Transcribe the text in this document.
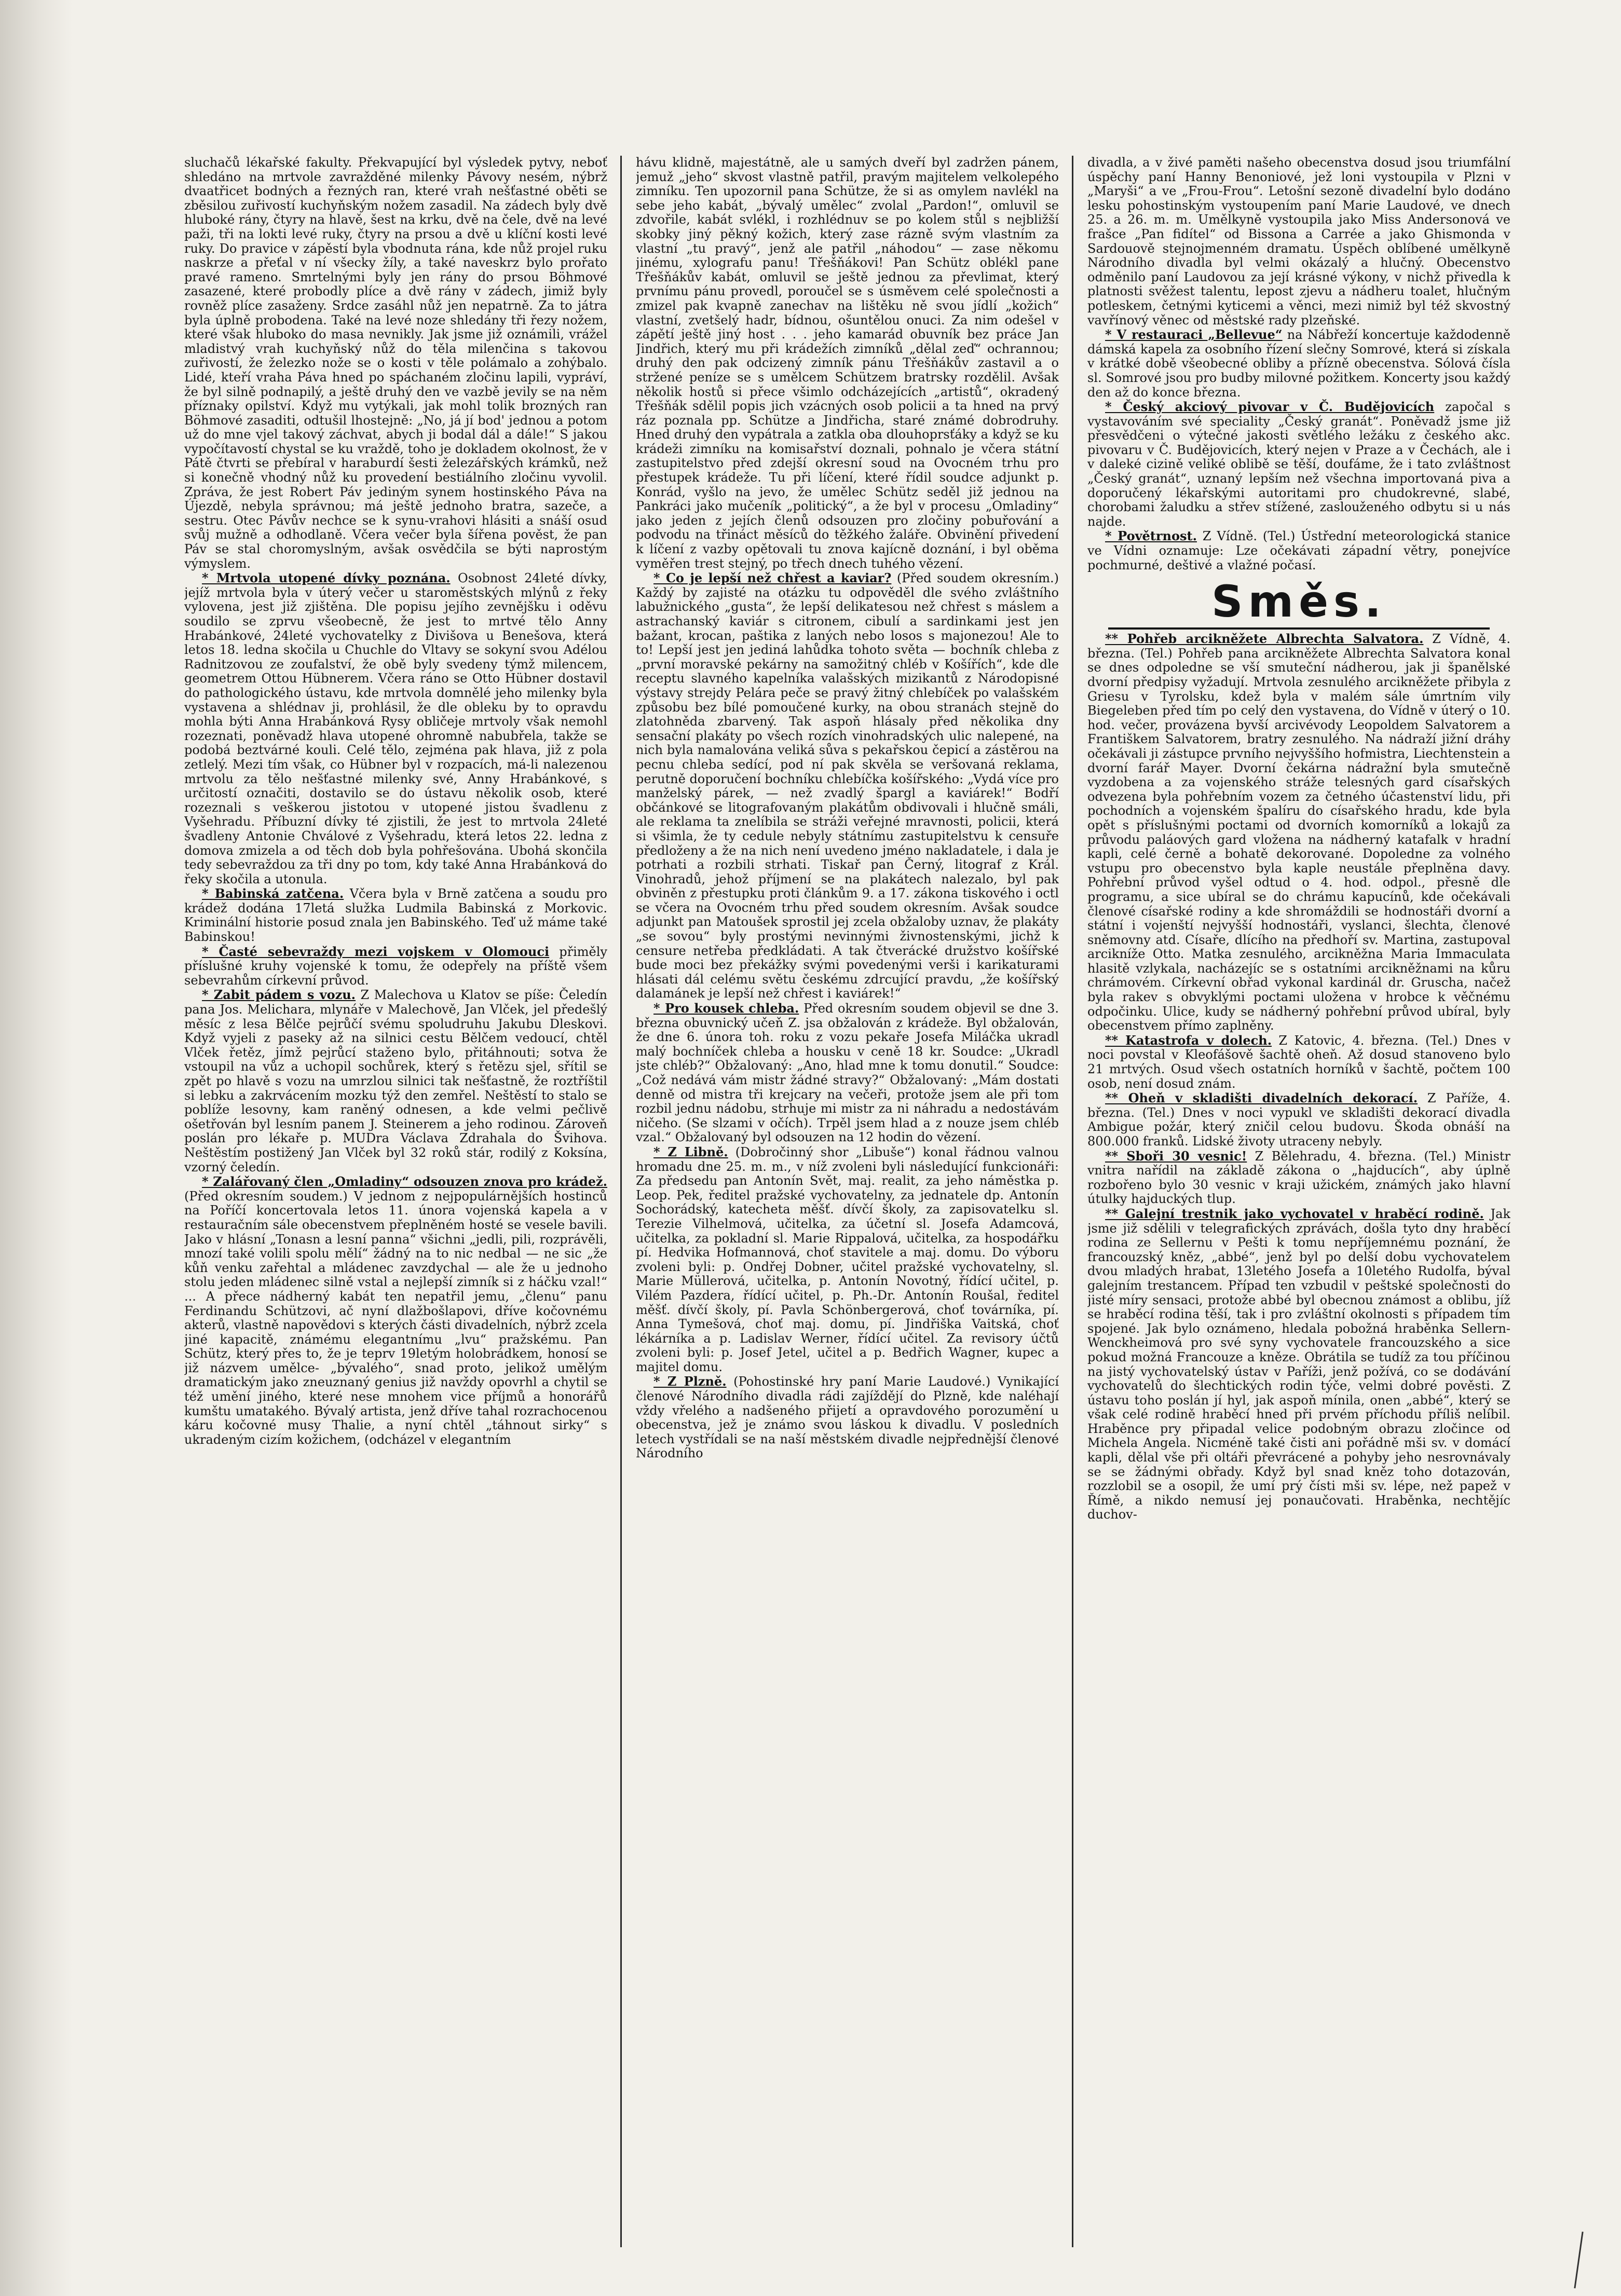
sluchačů lékařské fakulty. Překvapující byl výsledek pytvy, neboť shledáno na mrtvole zavražděné milenky Pávovy nesém, nýbrž dvaatřicet bodných a řezných ran, které vrah nešťastné oběti se zběsilou zuřivostí kuchyňským nožem zasadil. Na zádech byly dvě hluboké rány, čtyry na hlavě, šest na krku, dvě na čele, dvě na levé paži, tři na lokti levé ruky, čtyry na prsou a dvě u klíční kosti levé ruky. Do pravice v zápěstí byla vbodnuta rána, kde nůž projel ruku naskrze a přeťal v ní všecky žíly, a také naveskrz bylo prořato pravé rameno. Smrtelnými byly jen rány do prsou Böhmové zasazené, které probodly plíce a dvě rány v zádech, jimiž byly rovněž plíce zasaženy. Srdce zasáhl nůž jen nepatrně. Za to játra byla úplně probodena. Také na levé noze shledány tři řezy nožem, které však hluboko do masa nevnikly. Jak jsme již oznámili, vrážel mladistvý vrah kuchyňský nůž do těla milenčina s takovou zuřivostí, že železko nože se o kosti v těle polámalo a zohýbalo. Lidé, kteří vraha Páva hned po spáchaném zločinu lapili, vypráví, že byl silně podnapilý, a ještě druhý den ve vazbě jevily se na něm příznaky opilství. Když mu vytýkali, jak mohl tolik brozných ran Böhmové zasaditi, odtušil lhostejně: „No, já jí bod' jednou a potom už do mne vjel takový záchvat, abych ji bodal dál a dále!“ S jakou vypočítavostí chystal se ku vraždě, toho je dokladem okolnost, že v Pátě čtvrti se přebíral v haraburdí šesti železářských krámků, než si konečně vhodný nůž ku provedení bestiálního zločinu vyvolil. Zpráva, že jest Robert Páv jediným synem hostinského Páva na Újezdě, nebyla správnou; má ještě jednoho bratra, sazeče, a sestru. Otec Pávův nechce se k synu-vrahovi hlásiti a snáší osud svůj mužně a odhodlaně. Včera večer byla šířena pověst, že pan Páv se stal choromyslným, avšak osvědčila se býti naprostým výmyslem.

* Mrtvola utopené dívky poznána. Osobnost 24leté dívky, jejíž mrtvola byla v úterý večer u staroměstských mlýnů z řeky vylovena, jest již zjištěna. Dle popisu jejího zevnějšku i oděvu soudilo se zprvu všeobecně, že jest to mrtvé tělo Anny Hrabánkové, 24leté vychovatelky z Divišova u Benešova, která letos 18. ledna skočila u Chuchle do Vltavy se sokyní svou Adélou Radnitzovou ze zoufalství, že obě byly svedeny týmž milencem, geometrem Ottou Hübnerem. Včera ráno se Otto Hübner dostavil do pathologického ústavu, kde mrtvola domnělé jeho milenky byla vystavena a shlédnav ji, prohlásil, že dle obleku by to opravdu mohla býti Anna Hrabánková Rysy obličeje mrtvoly však nemohl rozeznati, poněvadž hlava utopené ohromně nabubřela, takže se podobá beztvárné kouli. Celé tělo, zejména pak hlava, již z pola zetlelý. Mezi tím však, co Hübner byl v rozpacích, má-li nalezenou mrtvolu za tělo nešťastné milenky své, Anny Hrabánkové, s určitostí označiti, dostavilo se do ústavu několik osob, které rozeznali s veškerou jistotou v utopené jistou švadlenu z Vyšehradu. Příbuzní dívky té zjistili, že jest to mrtvola 24leté švadleny Antonie Chválové z Vyšehradu, která letos 22. ledna z domova zmizela a od těch dob byla pohřešována. Ubohá skončila tedy sebevraždou za tři dny po tom, kdy také Anna Hrabánková do řeky skočila a utonula.

* Babinská zatčena. Včera byla v Brně zatčena a soudu pro krádež dodána 17letá služka Ludmila Babinská z Morkovic. Kriminální historie posud znala jen Babinského. Teď už máme také Babinskou!

* Časté sebevraždy mezi vojskem v Olomouci přiměly příslušné kruhy vojenské k tomu, že odepřely na příště všem sebevrahům církevní průvod.

* Zabit pádem s vozu. Z Malechova u Klatov se píše: Čeledín pana Jos. Melichara, mlynáře v Malechově, Jan Vlček, jel předešlý měsíc z lesa Bělče pejrůčí svému spoludruhu Jakubu Dleskovi. Když vyjeli z paseky až na silnici cestu Bělčem vedoucí, chtěl Vlček řetěz, jímž pejrůcí staženo bylo, přitáhnouti; sotva že vstoupil na vůz a uchopil sochůrek, který s řetězu sjel, sřítil se zpět po hlavě s vozu na umrzlou silnici tak nešťastně, že roztříštil si lebku a zakrvácením mozku týž den zemřel. Neštěstí to stalo se poblíže lesovny, kam raněný odnesen, a kde velmi pečlivě ošetřován byl lesním panem J. Steinerem a jeho rodinou. Zároveň poslán pro lékaře p. MUDra Václava Zdrahala do Švihova. Neštěstím postižený Jan Vlček byl 32 roků stár, rodilý z Koksína, vzorný čeledín.

* Zalářovaný člen „Omladiny“ odsouzen znova pro krádež. (Před okresním soudem.) V jednom z nejpopulárnějších hostinců na Poříčí koncertovala letos 11. února vojenská kapela a v restauračním sále obecenstvem přeplněném hosté se vesele bavili. Jako v hlásní „Tonasn a lesní panna“ všichni „jedli, pili, rozprávěli, mnozí také volili spolu mělí“ žádný na to nic nedbal — ne sic „že kůň venku zařehtal a mládenec zavzdychal — ale že u jednoho stolu jeden mládenec silně vstal a nejlepší zimník si z háčku vzal!“ ... A přece nádherný kabát ten nepatřil jemu, „členu“ panu Ferdinandu Schützovi, ač nyní dlažbošlapovi, dříve kočovnému akterů, vlastně napovědovi s kterých části divadelních, nýbrž zcela jiné kapacitě, známému elegantnímu „lvu“ pražskému. Pan Schütz, který přes to, že je teprv 19letým holobrádkem, honosí se již názvem umělce- „bývalého“, snad proto, jelikož umělým dramatickým jako zneuznaný genius již navždy opovrhl a chytil se též umění jiného, které nese mnohem vice příjmů a honorářů kumštu umatakého. Bývalý artista, jenž dříve tahal rozrachocenou káru kočovné musy Thalie, a nyní chtěl „táhnout sirky“ s ukradeným cizím kožichem, (odcházel v elegantním

hávu klidně, majestátně, ale u samých dveří byl zadržen pánem, jemuž „jeho“ skvost vlastně patřil, pravým majitelem velkolepého zimníku. Ten upozornil pana Schütze, že si as omylem navlékl na sebe jeho kabát, „bývalý umělec“ zvolal „Pardon!“, omluvil se zdvořile, kabát svlékl, i rozhlédnuv se po kolem stůl s nejbližší skobky jiný pěkný kožich, který zase rázně svým vlastním za vlastní „tu pravý“, jenž ale patřil „náhodou“ — zase někomu jinému, xylografu panu! Třešňákovi! Pan Schütz oblékl pane Třešňákův kabát, omluvil se ještě jednou za převlimat, který prvnímu pánu provedl, poroučel se s úsměvem celé společnosti a zmizel pak kvapně zanechav na lištěku ně svou jídlí „kožich“ vlastní, zvetšelý hadr, bídnou, ošuntělou onuci. Za nim odešel v zápětí ještě jiný host . . . jeho kamarád obuvník bez práce Jan Jindřich, který mu při krádežích zimníků „dělal zeď“ ochrannou; druhý den pak odcizený zimník pánu Třešňákův zastavil a o stržené peníze se s umělcem Schützem bratrsky rozdělil. Avšak několik hostů si přece všimlo odcházejících „artistů“, okradený Třešňák sdělil popis jich vzácných osob policii a ta hned na prvý ráz poznala pp. Schütze a Jindřicha, staré známé dobrodruhy. Hned druhý den vypátrala a zatkla oba dlouhoprsťáky a když se ku krádeži zimníku na komisařství doznali, pohnalo je včera státní zastupitelstvo před zdejší okresní soud na Ovocném trhu pro přestupek krádeže. Tu při líčení, které řídil soudce adjunkt p. Konrád, vyšlo na jevo, že umělec Schütz seděl již jednou na Pankráci jako mučeník „politický“, a že byl v procesu „Omladiny“ jako jeden z jejích členů odsouzen pro zločiny pobuřování a podvodu na třináct měsíců do těžkého žaláře. Obvinění přivedení k líčení z vazby opětovali tu znova kajícně doznání, i byl oběma vyměřen trest stejný, po třech dnech tuhého vězení.

* Co je lepší než chřest a kaviar? (Před soudem okresním.) Každý by zajisté na otázku tu odpověděl dle svého zvláštního labužnického „gusta“, že lepší delikatesou než chřest s máslem a astrachanský kaviár s citronem, cibulí a sardinkami jest jen bažant, krocan, paštika z laných nebo losos s majonezou! Ale to to! Lepší jest jen jediná lahůdka tohoto světa — bochník chleba z „první moravské pekárny na samožitný chléb v Košířích“, kde dle receptu slavného kapelníka valašských mizikantů z Národopisné výstavy strejdy Pelára peče se pravý žitný chlebíček po valašském způsobu bez bílé pomoučené kurky, na obou stranách stejně do zlatohněda zbarvený. Tak aspoň hlásaly před několika dny sensační plakáty po všech rozích vinohradských ulic nalepené, na nich byla namalována veliká sůva s pekařskou čepicí a zástěrou na pecnu chleba sedící, pod ní pak skvěla se veršovaná reklama, perutně doporučení bochníku chlebíčka košířského: „Vydá více pro manželský párek, — než zvadlý špargl a kaviárek!“ Bodří občánkové se litografovaným plakátům obdivovali i hlučně smáli, ale reklama ta znelíbila se stráži veřejné mravnosti, policii, která si všimla, že ty cedule nebyly státnímu zastupitelstvu k censuře předloženy a že na nich není uvedeno jméno nakladatele, i dala je potrhati a rozbili strhati. Tiskař pan Černý, litograf z Král. Vinohradů, jehož příjmení se na plakátech nalezalo, byl pak obviněn z přestupku proti článkům 9. a 17. zákona tiskového i octl se včera na Ovocném trhu před soudem okresním. Avšak soudce adjunkt pan Matoušek sprostil jej zcela obžaloby uznav, že plakáty „se sovou“ byly prostými nevinnými živnostenskými, jichž k censure netřeba předkládati. A tak čtverácké družstvo košířské bude moci bez překážky svými povedenými verši i karikaturami hlásati dál celému světu českému zdrcující pravdu, „že košířský dalamánek je lepší než chřest i kaviárek!“

* Pro kousek chleba. Před okresním soudem objevil se dne 3. března obuvnický učeň Z. jsa obžalován z krádeže. Byl obžalován, že dne 6. února toh. roku z vozu pekaře Josefa Miláčka ukradl malý bochníček chleba a housku v ceně 18 kr. Soudce: „Ukradl jste chléb?“ Obžalovaný: „Ano, hlad mne k tomu donutil.“ Soudce: „Což nedává vám mistr žádné stravy?“ Obžalovaný: „Mám dostati denně od mistra tři krejcary na večeři, protože jsem ale při tom rozbil jednu nádobu, strhuje mi mistr za ni náhradu a nedostávám ničeho. (Se slzami v očích). Trpěl jsem hlad a z nouze jsem chléb vzal.“ Obžalovaný byl odsouzen na 12 hodin do vězení.

* Z Libně. (Dobročinný shor „Libuše“) konal řádnou valnou hromadu dne 25. m. m., v níž zvoleni byli následující funkcionáři: Za předsedu pan Antonín Svět, maj. realit, za jeho náměstka p. Leop. Pek, ředitel pražské vychovatelny, za jednatele dp. Antonín Sochorádský, katecheta měšť. dívčí školy, za zapisovatelku sl. Terezie Vilhelmová, učitelka, za účetní sl. Josefa Adamcová, učitelka, za pokladní sl. Marie Rippalová, učitelka, za hospodářku pí. Hedvika Hofmannová, choť stavitele a maj. domu. Do výboru zvoleni byli: p. Ondřej Dobner, učitel pražské vychovatelny, sl. Marie Müllerová, učitelka, p. Antonín Novotný, řídící učitel, p. Vilém Pazdera, řídící učitel, p. Ph.-Dr. Antonín Roušal, ředitel měšť. dívčí školy, pí. Pavla Schönbergerová, choť továrníka, pí. Anna Tymešová, choť maj. domu, pí. Jindřiška Vaitská, choť lékárníka a p. Ladislav Werner, řídící učitel. Za revisory účtů zvoleni byli: p. Josef Jetel, učitel a p. Bedřich Wagner, kupec a majitel domu.

* Z Plzně. (Pohostinské hry paní Marie Laudové.) Vynikající členové Národního divadla rádi zajíždějí do Plzně, kde naléhají vždy vřelého a nadšeného přijetí a opravdového porozumění u obecenstva, jež je známo svou láskou k divadlu. V posledních letech vystřídali se na naší městském divadle nejpřednější členové Národního

divadla, a v živé paměti našeho obecenstva dosud jsou triumfální úspěchy paní Hanny Benoniové, jež loni vystoupila v Plzni v „Maryši“ a ve „Frou-Frou“. Letošní sezoně divadelní bylo dodáno lesku pohostinským vystoupením paní Marie Laudové, ve dnech 25. a 26. m. m. Umělkyně vystoupila jako Miss Andersonová ve frašce „Pan fidítel“ od Bissona a Carrée a jako Ghismonda v Sardouově stejnojmenném dramatu. Úspěch oblíbené umělkyně Národního divadla byl velmi okázalý a hlučný. Obecenstvo odměnilo paní Laudovou za její krásné výkony, v nichž přivedla k platnosti svěžest talentu, lepost zjevu a nádheru toalet, hlučným potleskem, četnými kyticemi a věnci, mezi nimiž byl též skvostný vavřínový věnec od městské rady plzeňské.

* V restauraci „Bellevue“ na Nábřeží koncertuje každodenně dámská kapela za osobního řízení slečny Somrové, která si získala v krátké době všeobecné obliby a přízně obecenstva. Sólová čísla sl. Somrové jsou pro budby milovné požitkem. Koncerty jsou každý den až do konce března.

* Český akciový pivovar v Č. Budějovicích započal s vystavováním své speciality „Český granát“. Poněvadž jsme již přesvědčeni o výtečné jakosti světlého ležáku z českého akc. pivovaru v Č. Budějovicích, který nejen v Praze a v Čechách, ale i v daleké cizině veliké oblibě se těší, doufáme, že i tato zvláštnost „Český granát“, uznaný lepším než všechna importovaná piva a doporučený lékařskými autoritami pro chudokrevné, slabé, chorobami žaludku a střev stížené, zaslouženého odbytu si u nás najde.

* Povětrnost. Z Vídně. (Tel.) Ústřední meteorologická stanice ve Vídni oznamuje: Lze očekávati západní větry, ponejvíce pochmurné, deštivé a vlažné počasí.

Směs.

** Pohřeb arcikněžete Albrechta Salvatora. Z Vídně, 4. března. (Tel.) Pohřeb pana arcikněžete Albrechta Salvatora konal se dnes odpoledne se vší smuteční nádherou, jak ji španělské dvorní předpisy vyžadují. Mrtvola zesnulého arcikněžete přibyla z Griesu v Tyrolsku, kdež byla v malém sále úmrtním vily Biegeleben před tím po celý den vystavena, do Vídně v úterý o 10. hod. večer, provázena byvší arcivévody Leopoldem Salvatorem a Františkem Salvatorem, bratry zesnulého. Na nádraží jižní dráhy očekávali ji zástupce prvního nejvyššího hofmistra, Liechtenstein a dvorní farář Mayer. Dvorní čekárna nádražní byla smutečně vyzdobena a za vojenského stráže telesných gard císařských odvezena byla pohřebním vozem za četného účastenství lidu, při pochodních a vojenském špalíru do císařského hradu, kde byla opět s příslušnými poctami od dvorních komorníků a lokajů za průvodu paláových gard vložena na nádherný katafalk v hradní kapli, celé černě a bohatě dekorované. Dopoledne za volného vstupu pro obecenstvo byla kaple neustále přeplněna davy. Pohřební průvod vyšel odtud o 4. hod. odpol., přesně dle programu, a sice ubíral se do chrámu kapucínů, kde očekávali členové císařské rodiny a kde shromáždili se hodnostáři dvorní a státní i vojenští nejvyšší hodnostáři, vyslanci, šlechta, členové sněmovny atd. Císaře, dlícího na předhoří sv. Martina, zastupoval arcikníže Otto. Matka zesnulého, arcikněžna Maria Immaculata hlasitě vzlykala, nacházejíc se s ostatními arcikněžnami na kůru chrámovém. Církevní obřad vykonal kardinál dr. Gruscha, načež byla rakev s obvyklými poctami uložena v hrobce k věčnému odpočinku. Ulice, kudy se nádherný pohřební průvod ubíral, byly obecenstvem přímo zaplněny.

** Katastrofa v dolech. Z Katovic, 4. března. (Tel.) Dnes v noci povstal v Kleofášově šachtě oheň. Až dosud stanoveno bylo 21 mrtvých. Osud všech ostatních horníků v šachtě, počtem 100 osob, není dosud znám.

** Oheň v skladišti divadelních dekorací. Z Paříže, 4. března. (Tel.) Dnes v noci vypukl ve skladišti dekorací divadla Ambigue požár, který zničil celou budovu. Škoda obnáší na 800.000 franků. Lidské životy utraceny nebyly.

** Sboři 30 vesnic! Z Bělehradu, 4. března. (Tel.) Ministr vnitra nařídil na základě zákona o „hajducích“, aby úplně rozbořeno bylo 30 vesnic v kraji užickém, známých jako hlavní útulky hajduckých tlup.

** Galejní trestnik jako vychovatel v hraběcí rodině. Jak jsme již sdělili v telegrafických zprávách, došla tyto dny hraběcí rodina ze Sellernu v Pešti k tomu nepříjemnému poznání, že francouzský kněz, „abbé“, jenž byl po delší dobu vychovatelem dvou mladých hrabat, 13letého Josefa a 10letého Rudolfa, býval galejním trestancem. Případ ten vzbudil v peštské společnosti do jisté míry sensaci, protože abbé byl obecnou známost a oblibu, jíž se hraběcí rodina těší, tak i pro zvláštní okolnosti s případem tím spojené. Jak bylo oznámeno, hledala pobožná hraběnka Sellern-Wenckheimová pro své syny vychovatele francouzského a sice pokud možná Francouze a kněze. Obrátila se tudíž za tou příčinou na jistý vychovatelský ústav v Paříži, jenž požívá, co se dodávání vychovatelů do šlechtických rodin týče, velmi dobré pověsti. Z ústavu toho poslán jí hyl, jak aspoň mínila, onen „abbé“, který se však celé rodině hraběcí hned při prvém příchodu příliš nelíbil. Hraběnce pry připadal velice podobným obrazu zločince od Michela Angela. Nicméně také čisti ani pořádně mši sv. v domácí kapli, dělal vše při oltáři převrácené a pohyby jeho nesrovnávaly se se žádnými obřady. Když byl snad kněz toho dotazován, rozzlobil se a osopil, že umí prý čísti mši sv. lépe, než papež v Římě, a nikdo nemusí jej ponaučovati. Hraběnka, nechtějíc duchov-
